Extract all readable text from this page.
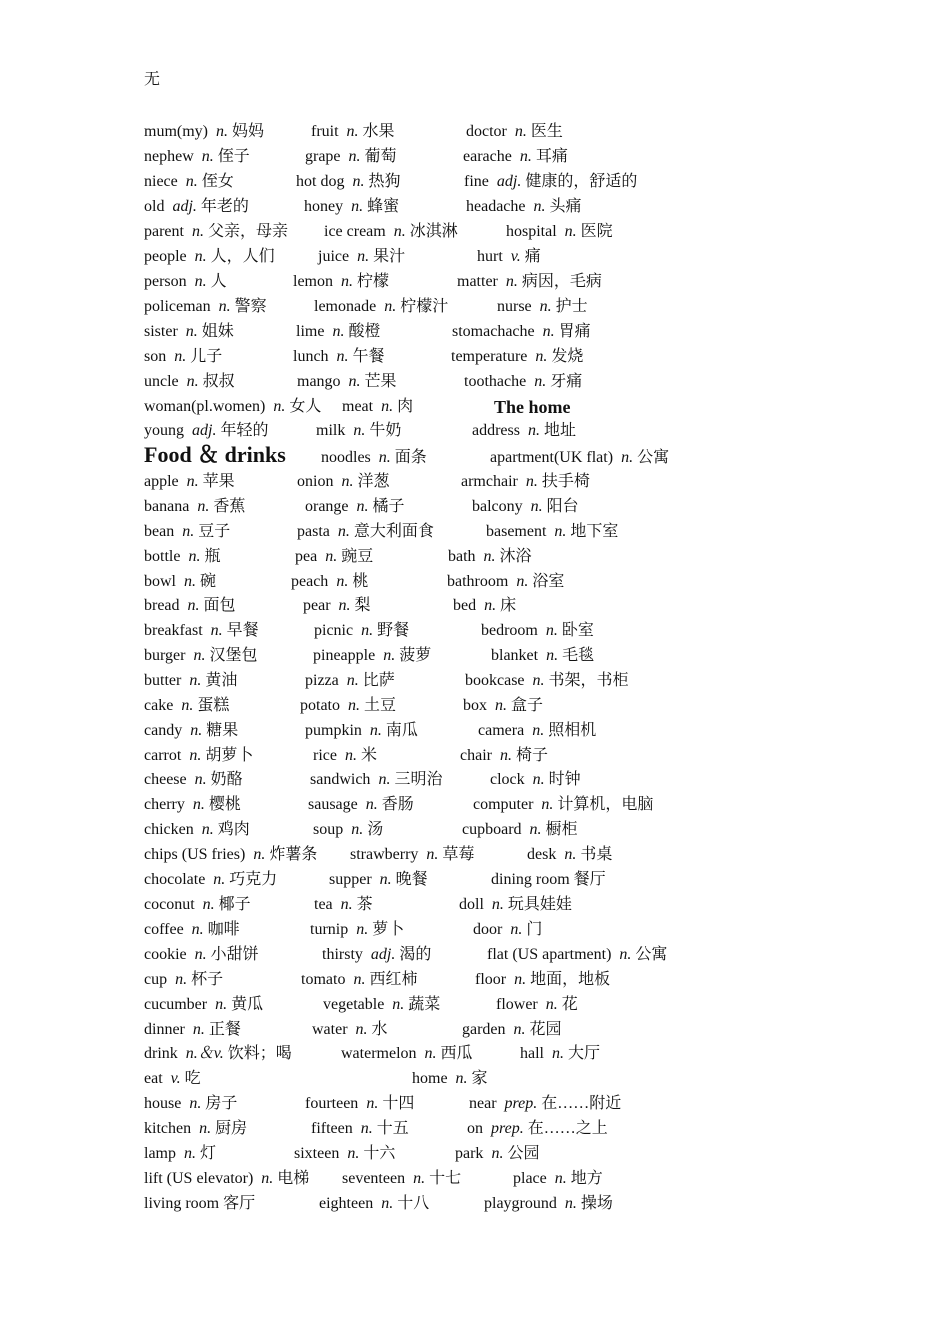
无
mum(my) n. 妈妈	fruit n. 水果	doctor n. 医生
nephew n. 侄子	grape n. 葡萄	earache n. 耳痛
niece n. 侄女	hot dog n. 热狗	fine adj. 健康的，舒适的
old adj. 年老的	honey n. 蜂蜜	headache n. 头痛
parent n. 父亲，母亲 ice cream n. 冰淇淋	hospital n. 医院
people n. 人，人们	juice n. 果汁	hurt v. 痛
person n. 人	lemon n. 柠檬	matter n. 病因，毛病
policeman n. 警察	lemonade n. 柠檬汁	nurse n. 护士
sister n. 姐妹	lime n. 酸橙	stomachache n. 胃痛
son n. 儿子	lunch n. 午餐	temperature n. 发烧
uncle n. 叔叔	mango n. 芒果	toothache n. 牙痛
woman(pl.women) n. 女人 meat n. 肉	The home
young adj. 年轻的	milk n. 牛奶	address n. 地址
Food ＆ drinks noodles n. 面条	apartment(UK flat) n. 公寓
apple n. 苹果	onion n. 洋葱	armchair n. 扶手椅
banana n. 香蕉	orange n. 橘子	balcony n. 阳台
bean n. 豆子	pasta n. 意大利面食	basement n. 地下室
bottle n. 瓶	pea n. 豌豆	bath n. 沐浴
bowl n. 碗	peach n. 桃	bathroom n. 浴室
bread n. 面包	pear n. 梨	bed n. 床
breakfast n. 早餐	picnic n. 野餐	bedroom n. 卧室
burger n. 汉堡包	pineapple n. 菠萝	blanket n. 毛毯
butter n. 黄油	pizza n. 比萨	bookcase n. 书架，书柜
cake n. 蛋糕	potato n. 土豆	box n. 盒子
candy n. 糖果	pumpkin n. 南瓜	camera n. 照相机
carrot n. 胡萝卜	rice n. 米	chair n. 椅子
cheese n. 奶酪	sandwich n. 三明治	clock n. 时钟
cherry n. 樱桃	sausage n. 香肠	computer n. 计算机，电脑
chicken n. 鸡肉	soup n. 汤	cupboard n. 橱柜
chips (US fries) n. 炸薯条 strawberry n. 草莓	desk n. 书桌
chocolate n. 巧克力	supper n. 晚餐	dining room 餐厅
coconut n. 椰子	tea n. 茶	doll n. 玩具娃娃
coffee n. 咖啡	turnip n. 萝卜	door n. 门
cookie n. 小甜饼	thirsty adj. 渴的	flat (US apartment) n. 公寓
cup n. 杯子	tomato n. 西红柿	floor n. 地面，地板
cucumber n. 黄瓜	vegetable n. 蔬菜	flower n. 花
dinner n. 正餐	water n. 水	garden n. 花园
drink n.＆v. 饮料；喝	watermelon n. 西瓜	hall n. 大厅
eat v. 吃	home n. 家
house n. 房子	fourteen n. 十四	near prep. 在……附近
kitchen n. 厨房	fifteen n. 十五	on prep. 在……之上
lamp n. 灯	sixteen n. 十六	park n. 公园
lift (US elevator) n. 电梯 seventeen n. 十七	place n. 地方
living room 客厅	eighteen n. 十八	playground n. 操场
